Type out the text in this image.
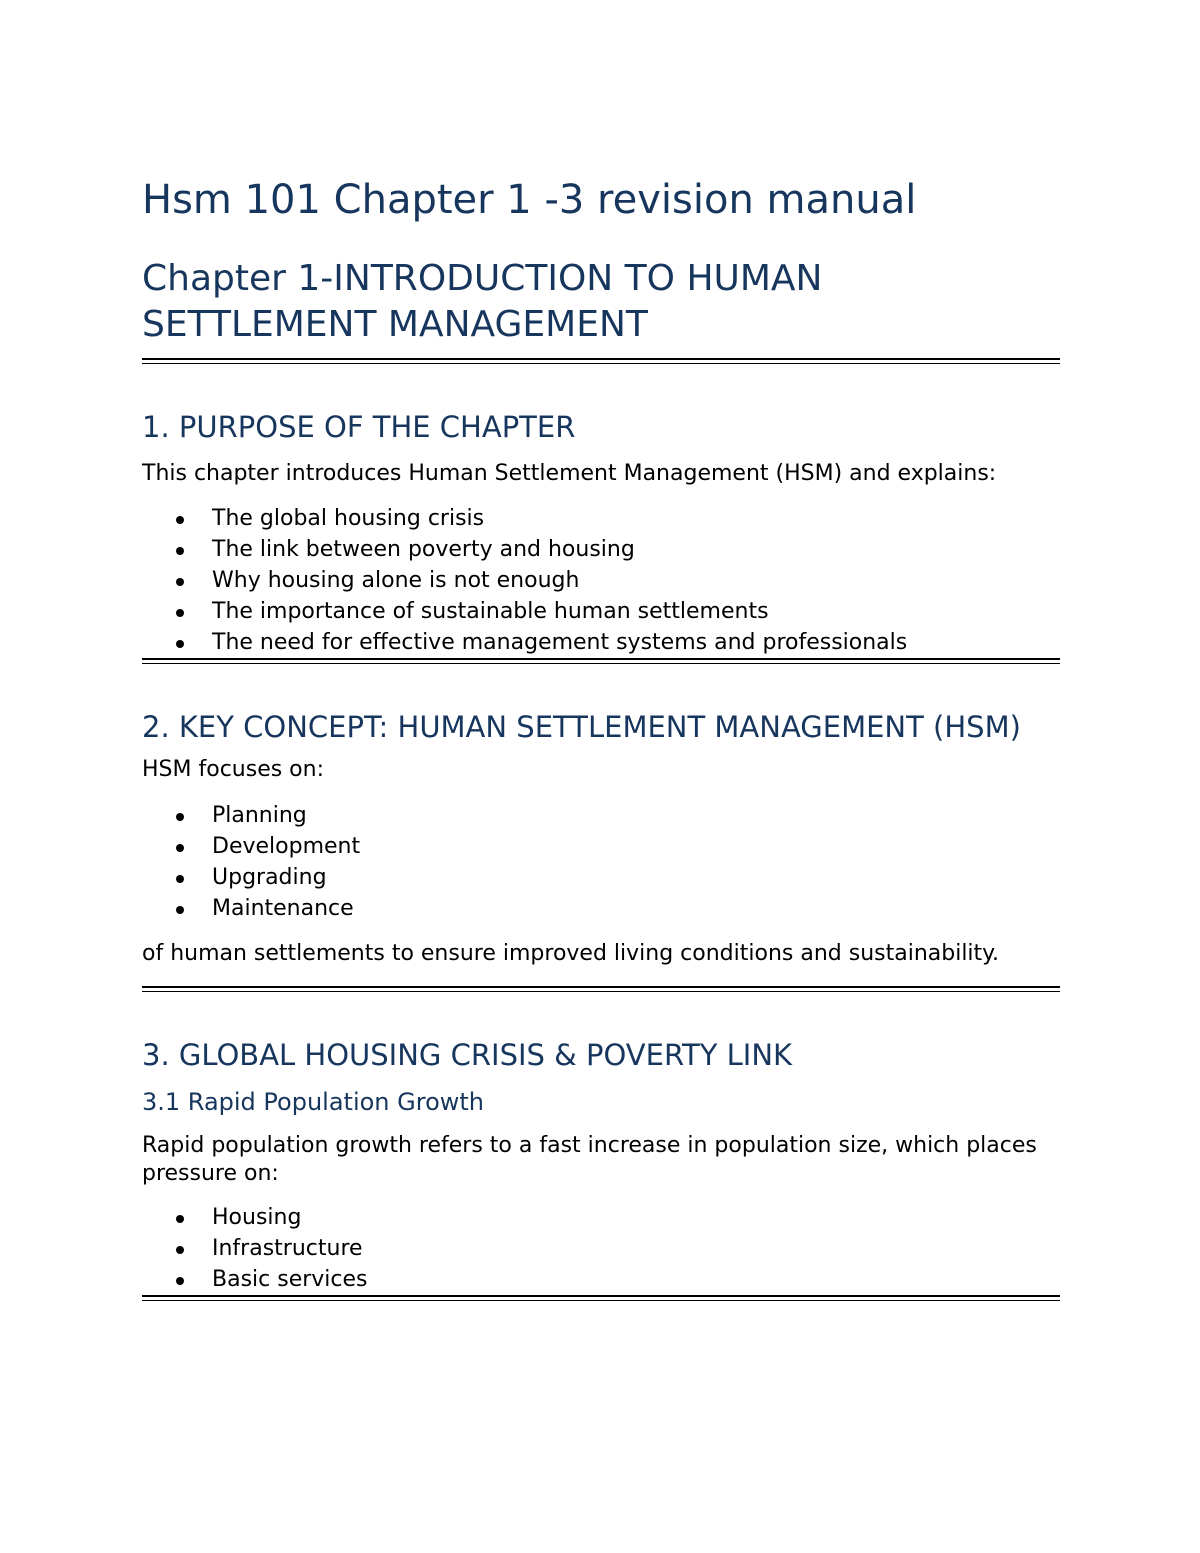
Hsm 101 Chapter 1 -3 revision manual
Chapter 1-INTRODUCTION TO HUMAN SETTLEMENT MANAGEMENT
1. PURPOSE OF THE CHAPTER

This chapter introduces Human Settlement Management (HSM) and explains:

The global housing crisis
The link between poverty and housing
Why housing alone is not enough
The importance of sustainable human settlements
The need for effective management systems and professionals
2. KEY CONCEPT: HUMAN SETTLEMENT MANAGEMENT (HSM)

HSM focuses on:

Planning
Development
Upgrading
Maintenance

of human settlements to ensure improved living conditions and sustainability.

3. GLOBAL HOUSING CRISIS & POVERTY LINK
3.1 Rapid Population Growth

Rapid population growth refers to a fast increase in population size, which places pressure on:

Housing
Infrastructure
Basic services
